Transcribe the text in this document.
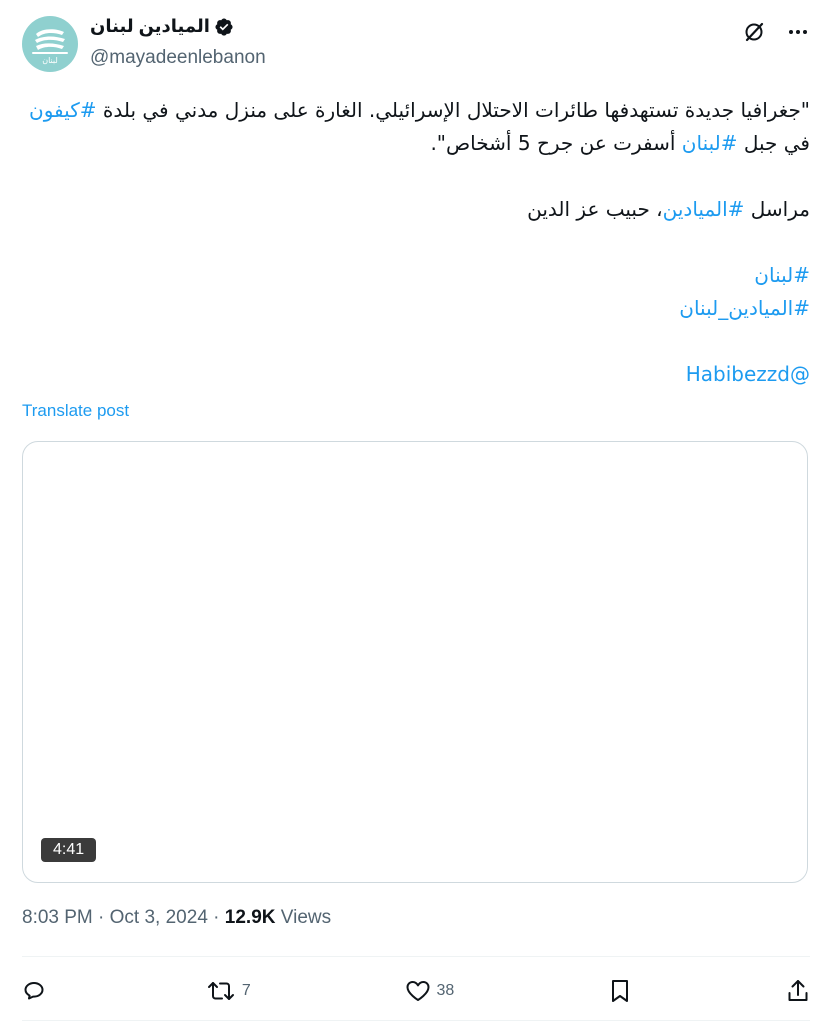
لبنان
الميادين لبنان
@mayadeenlebanon

"جغرافيا جديدة تستهدفها طائرات الاحتلال الإسرائيلي. الغارة على منزل مدني في بلدة #كيفون في جبل #لبنان أسفرت عن جرح 5 أشخاص".

مراسل #الميادين، حبيب عز الدين

#لبنان
#الميادين_لبنان

@Habibezzd

Translate post
4:41
8:03 PM · Oct 3, 2024 · 12.9K Views
7	38
